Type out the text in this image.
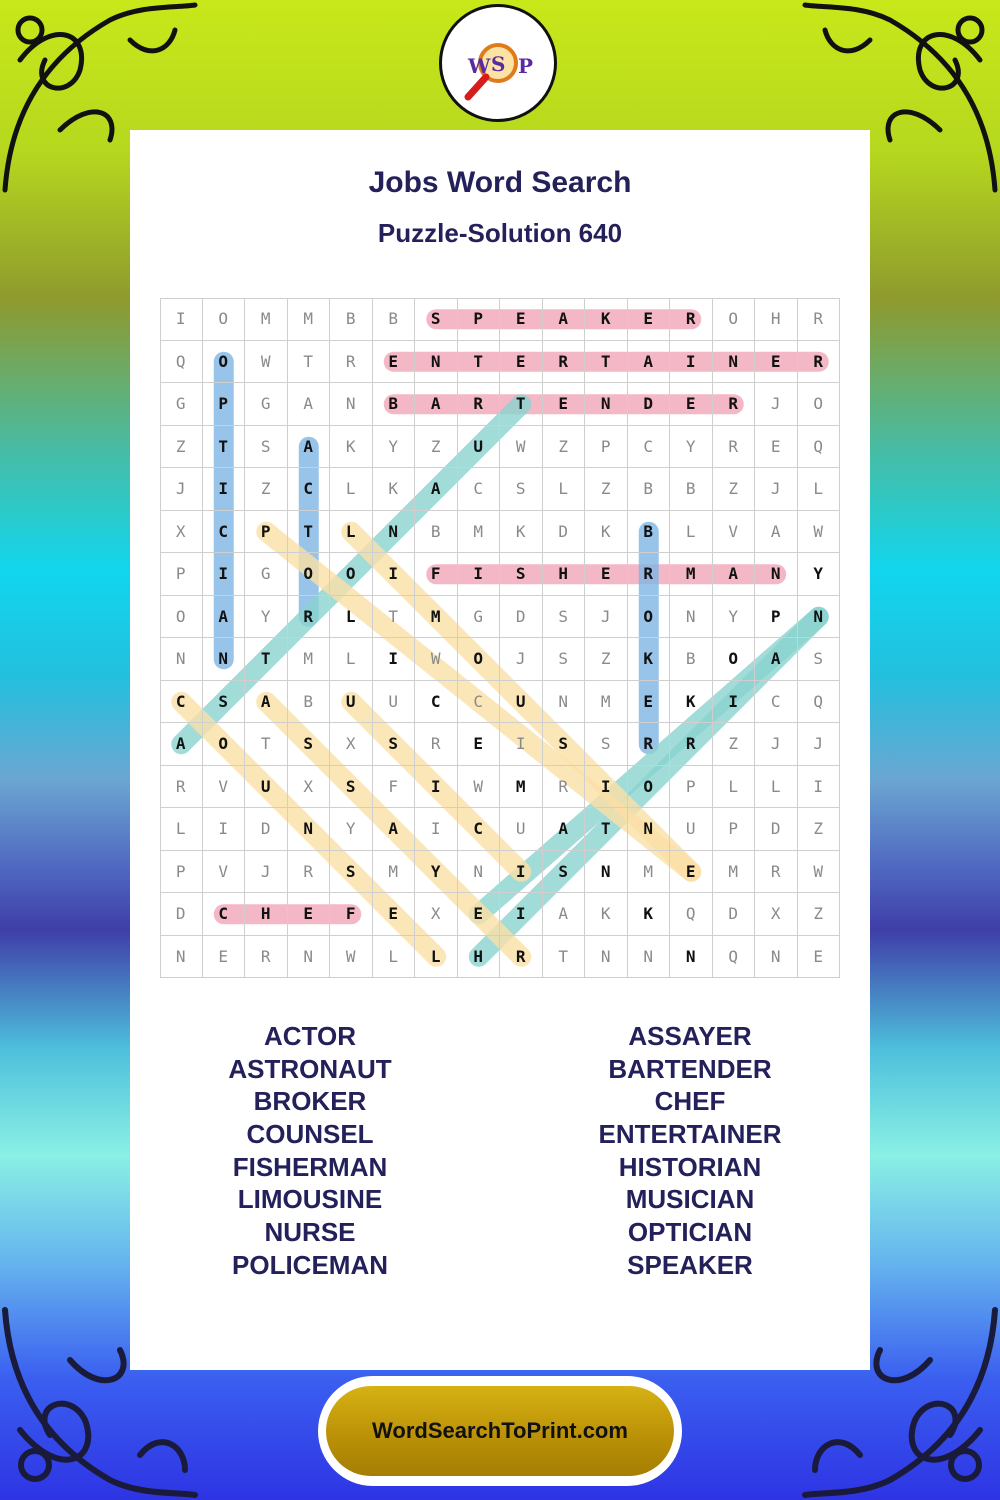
W S P
Jobs Word Search
Puzzle-Solution 640
I	O	M	M	B	B	S	P	E	A	K	E	R	O	H	R
Q	O	W	T	R	E	N	T	E	R	T	A	I	N	E	R
G	P	G	A	N	B	A	R	T	E	N	D	E	R	J	O
Z	T	S	A	K	Y	Z	U	W	Z	P	C	Y	R	E	Q
J	I	Z	C	L	K	A	C	S	L	Z	B	B	Z	J	L
X	C	P	T	L	N	B	M	K	D	K	B	L	V	A	W
P	I	G	O	O	I	F	I	S	H	E	R	M	A	N	Y
O	A	Y	R	L	T	M	G	D	S	J	O	N	Y	P	N
N	N	T	M	L	I	W	O	J	S	Z	K	B	O	A	S
C	S	A	B	U	U	C	C	U	N	M	E	K	I	C	Q
A	O	T	S	X	S	R	E	I	S	S	R	R	Z	J	J
R	V	U	X	S	F	I	W	M	R	I	O	P	L	L	I
L	I	D	N	Y	A	I	C	U	A	T	N	U	P	D	Z
P	V	J	R	S	M	Y	N	I	S	N	M	E	M	R	W
D	C	H	E	F	E	X	E	I	A	K	K	Q	D	X	Z
N	E	R	N	W	L	L	H	R	T	N	N	N	Q	N	E
ACTOR
ASTRONAUT
BROKER
COUNSEL
FISHERMAN
LIMOUSINE
NURSE
POLICEMAN
ASSAYER
BARTENDER
CHEF
ENTERTAINER
HISTORIAN
MUSICIAN
OPTICIAN
SPEAKER
WordSearchToPrint.com
